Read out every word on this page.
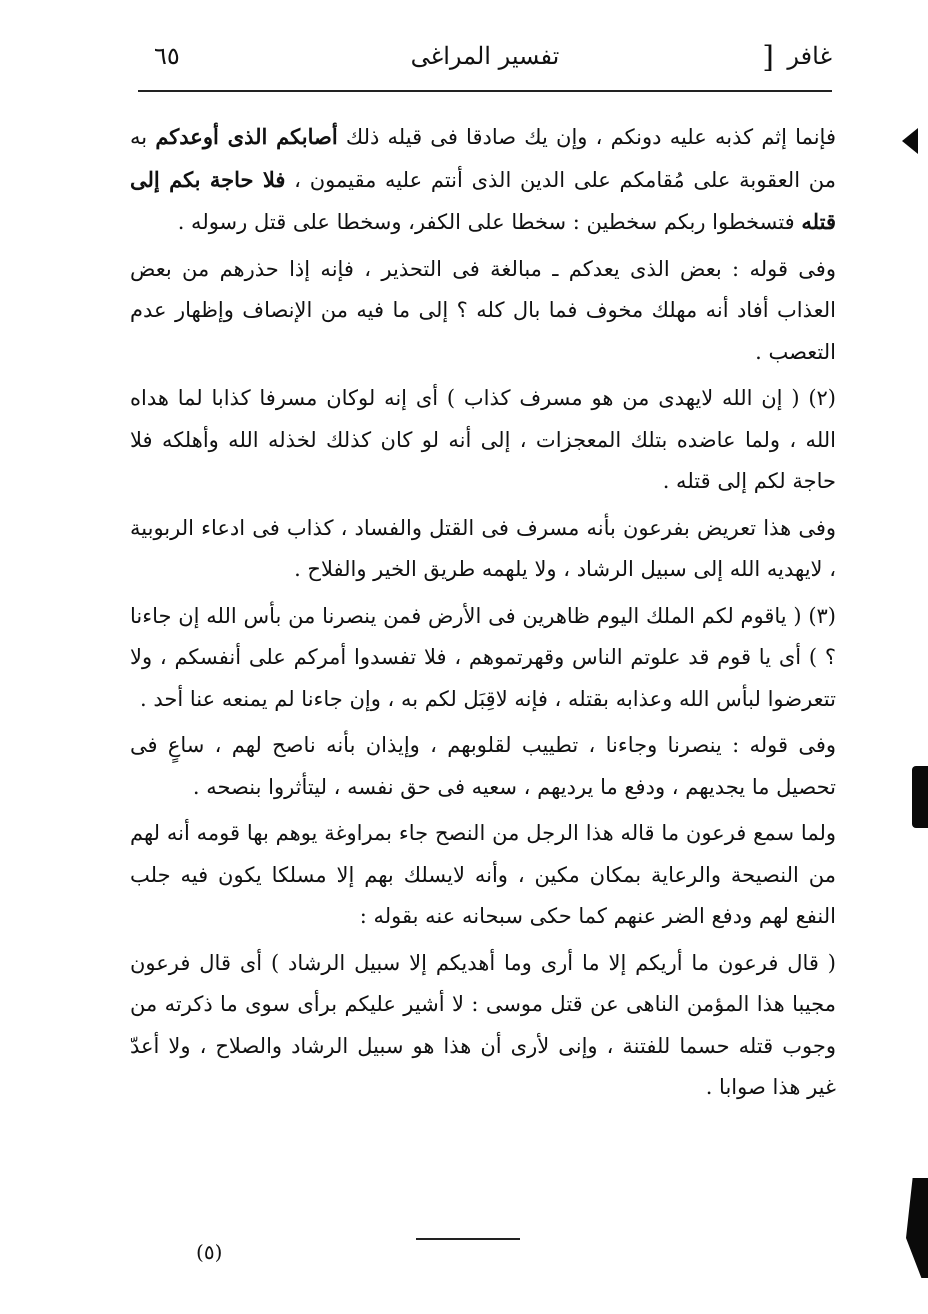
غافر
]
تفسير المراغى
٦٥

فإنما إثم كذبه عليه دونكم ، وإن يك صادقا فى قيله ذلك أصابكم الذى أوعدكم به من العقوبة على مُقامكم على الدين الذى أنتم عليه مقيمون ، فلا حاجة بكم إلى قتله فتسخطوا ربكم سخطين : سخطا على الكفر، وسخطا على قتل رسوله .

وفى قوله : بعض الذى يعدكم ـ مبالغة فى التحذير ، فإنه إذا حذرهم من بعض العذاب أفاد أنه مهلك مخوف فما بال كله ؟ إلى ما فيه من الإنصاف وإظهار عدم التعصب .

(٢) ( إن الله لايهدى من هو مسرف كذاب ) أى إنه لوكان مسرفا كذابا لما هداه الله ، ولما عاضده بتلك المعجزات ، إلى أنه لو كان كذلك لخذله الله وأهلكه فلا حاجة لكم إلى قتله .

وفى هذا تعريض بفرعون بأنه مسرف فى القتل والفساد ، كذاب فى ادعاء الربوبية ، لايهديه الله إلى سبيل الرشاد ، ولا يلهمه طريق الخير والفلاح .

(٣) ( ياقوم لكم الملك اليوم ظاهرين فى الأرض فمن ينصرنا من بأس الله إن جاءنا ؟ ) أى يا قوم قد علوتم الناس وقهرتموهم ، فلا تفسدوا أمركم على أنفسكم ، ولا تتعرضوا لبأس الله وعذابه بقتله ، فإنه لاقِبَل لكم به ، وإن جاءنا لم يمنعه عنا أحد .

وفى قوله : ينصرنا وجاءنا ، تطييب لقلوبهم ، وإيذان بأنه ناصح لهم ، ساعٍ فى تحصيل ما يجديهم ، ودفع ما يرديهم ، سعيه فى حق نفسه ، ليتأثروا بنصحه .

ولما سمع فرعون ما قاله هذا الرجل من النصح جاء بمراوغة يوهم بها قومه أنه لهم من النصيحة والرعاية بمكان مكين ، وأنه لايسلك بهم إلا مسلكا يكون فيه جلب النفع لهم ودفع الضر عنهم كما حكى سبحانه عنه بقوله :

( قال فرعون ما أريكم إلا ما أرى وما أهديكم إلا سبيل الرشاد ) أى قال فرعون مجيبا هذا المؤمن الناهى عن قتل موسى : لا أشير عليكم برأى سوى ما ذكرته من وجوب قتله حسما للفتنة ، وإنى لأرى أن هذا هو سبيل الرشاد والصلاح ، ولا أعدّ غير هذا صوابا .

(٥)
